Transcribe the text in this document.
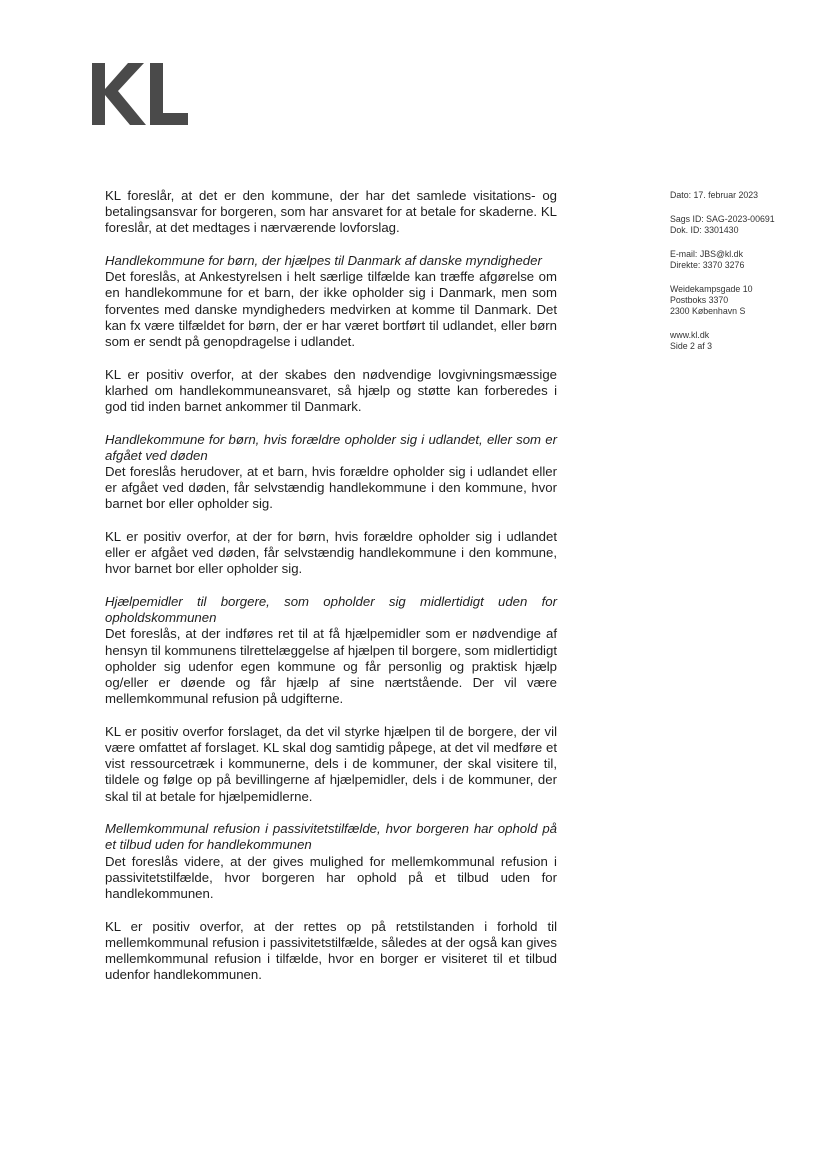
KL foreslår, at det er den kommune, der har det samlede visitations- og betalingsansvar for borgeren, som har ansvaret for at betale for skaderne. KL foreslår, at det medtages i nærværende lovforslag.

Handlekommune for børn, der hjælpes til Danmark af danske myndigheder
Det foreslås, at Ankestyrelsen i helt særlige tilfælde kan træffe afgørelse om en handlekommune for et barn, der ikke opholder sig i Danmark, men som forventes med danske myndigheders medvirken at komme til Danmark. Det kan fx være tilfældet for børn, der er har været bortført til udlandet, eller børn som er sendt på genopdragelse i udlandet.

KL er positiv overfor, at der skabes den nødvendige lovgivningsmæssige klarhed om handlekommuneansvaret, så hjælp og støtte kan forberedes i god tid inden barnet ankommer til Danmark.

Handlekommune for børn, hvis forældre opholder sig i udlandet, eller som er afgået ved døden
Det foreslås herudover, at et barn, hvis forældre opholder sig i udlandet eller er afgået ved døden, får selvstændig handlekommune i den kommune, hvor barnet bor eller opholder sig.

KL er positiv overfor, at der for børn, hvis forældre opholder sig i udlandet eller er afgået ved døden, får selvstændig handlekommune i den kommune, hvor barnet bor eller opholder sig.

Hjælpemidler til borgere, som opholder sig midlertidigt uden for opholdskommunen
Det foreslås, at der indføres ret til at få hjælpemidler som er nødvendige af hensyn til kommunens tilrettelæggelse af hjælpen til borgere, som midlertidigt opholder sig udenfor egen kommune og får personlig og praktisk hjælp og/eller er døende og får hjælp af sine nærtstående. Der vil være mellemkommunal refusion på udgifterne.

KL er positiv overfor forslaget, da det vil styrke hjælpen til de borgere, der vil være omfattet af forslaget. KL skal dog samtidig påpege, at det vil medføre et vist ressourcetræk i kommunerne, dels i de kommuner, der skal visitere til, tildele og følge op på bevillingerne af hjælpemidler, dels i de kommuner, der skal til at betale for hjælpemidlerne.

Mellemkommunal refusion i passivitetstilfælde, hvor borgeren har ophold på et tilbud uden for handlekommunen
Det foreslås videre, at der gives mulighed for mellemkommunal refusion i passivitetstilfælde, hvor borgeren har ophold på et tilbud uden for handlekommunen.

KL er positiv overfor, at der rettes op på retstilstanden i forhold til mellemkommunal refusion i passivitetstilfælde, således at der også kan gives mellemkommunal refusion i tilfælde, hvor en borger er visiteret til et tilbud udenfor handlekommunen.

Dato: 17. februar 2023
Sags ID: SAG-2023-00691
Dok. ID: 3301430
E-mail: JBS@kl.dk
Direkte: 3370 3276
Weidekampsgade 10
Postboks 3370
2300 København S
www.kl.dk
Side 2 af 3
